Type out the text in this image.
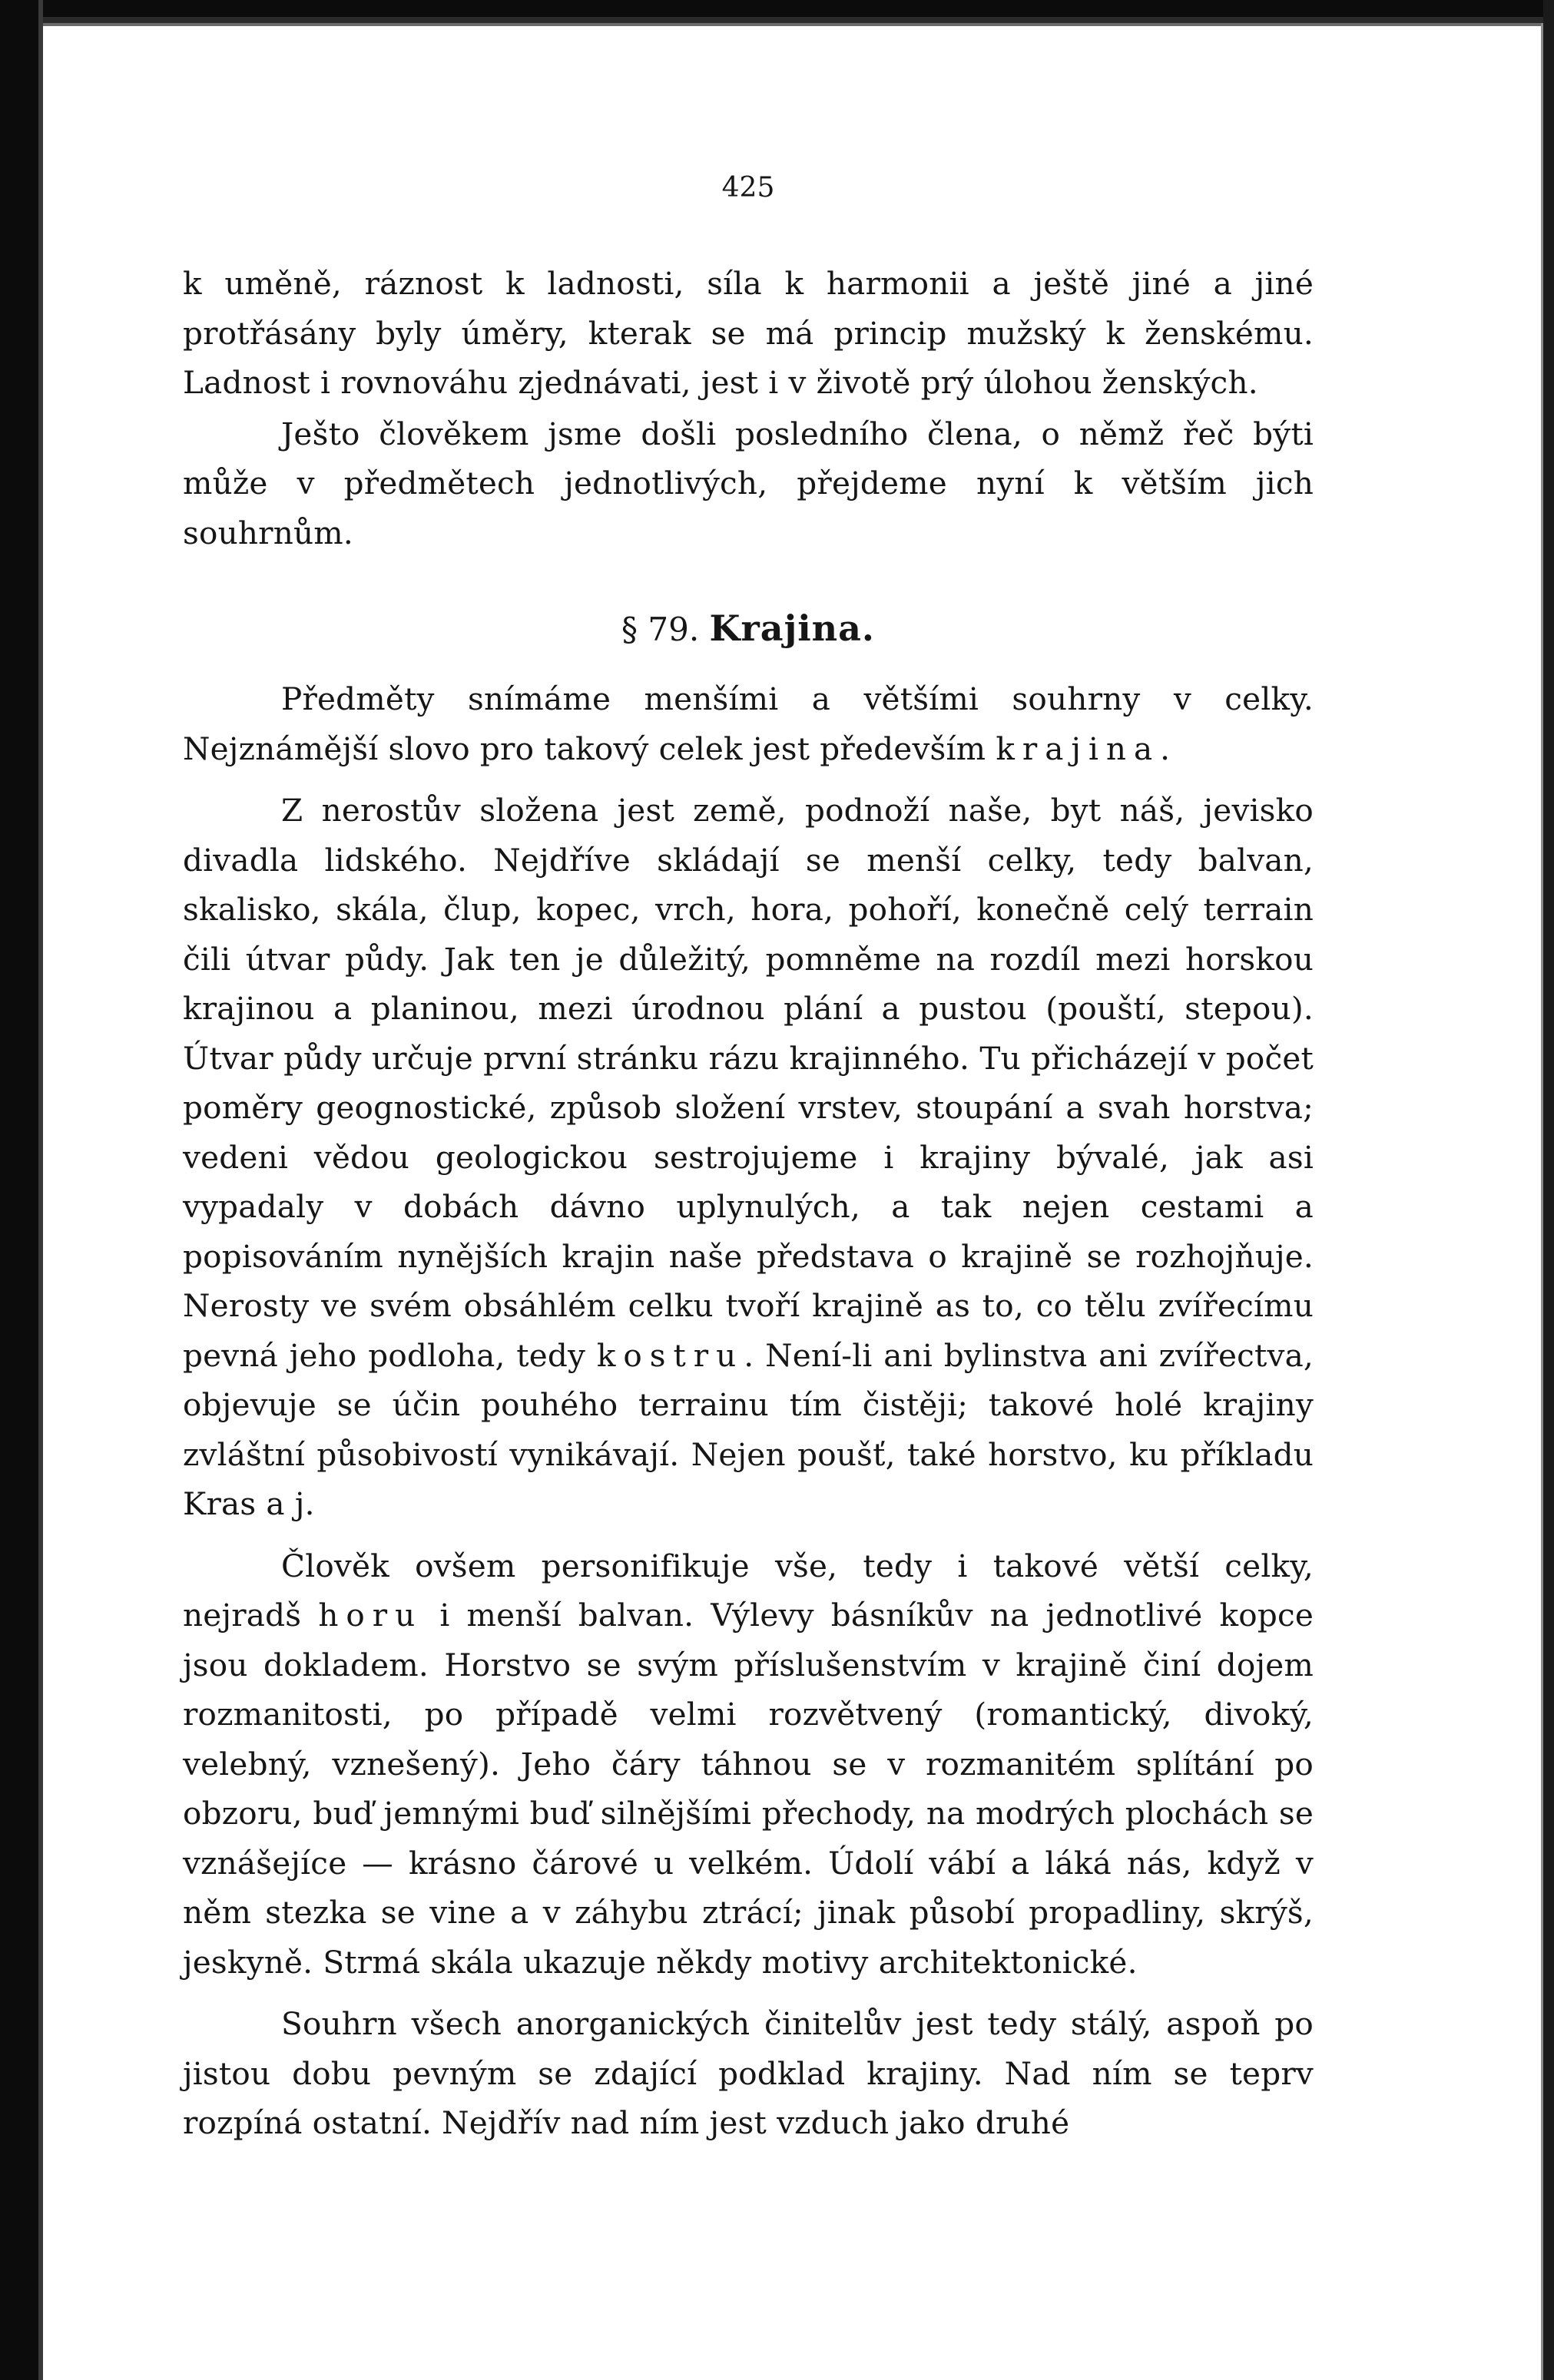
425

k uměně, ráznost k ladnosti, síla k harmonii a ještě jiné a jiné protřásány byly úměry, kterak se má princip mužský k ženskému. Ladnost i rovnováhu zjednávati, jest i v životě prý úlohou ženských.

Ješto člověkem jsme došli posledního člena, o němž řeč býti může v předmětech jednotlivých, přejdeme nyní k větším jich souhrnům.

§ 79. Krajina.

Předměty snímáme menšími a většími souhrny v celky. Nejznámější slovo pro takový celek jest především krajina.

Z nerostův složena jest země, podnoží naše, byt náš, jevisko divadla lidského. Nejdříve skládají se menší celky, tedy balvan, skalisko, skála, člup, kopec, vrch, hora, pohoří, konečně celý terrain čili útvar půdy. Jak ten je důležitý, pomněme na rozdíl mezi horskou krajinou a planinou, mezi úrodnou plání a pustou (pouští, stepou). Útvar půdy určuje první stránku rázu krajinného. Tu přicházejí v počet poměry geognostické, způsob složení vrstev, stoupání a svah horstva; vedeni vědou geologickou sestrojujeme i krajiny bývalé, jak asi vypadaly v dobách dávno uplynulých, a tak nejen cestami a popisováním nynějších krajin naše představa o krajině se rozhojňuje. Nerosty ve svém obsáhlém celku tvoří krajině as to, co tělu zvířecímu pevná jeho podloha, tedy kostru. Není-li ani bylinstva ani zvířectva, objevuje se účin pouhého terrainu tím čistěji; takové holé krajiny zvláštní působivostí vynikávají. Nejen poušť, také horstvo, ku příkladu Kras a j.

Člověk ovšem personifikuje vše, tedy i takové větší celky, nejradš horu i menší balvan. Výlevy básníkův na jednotlivé kopce jsou dokladem. Horstvo se svým příslušenstvím v krajině činí dojem rozmanitosti, po případě velmi rozvětvený (romantický, divoký, velebný, vznešený). Jeho čáry táhnou se v rozmanitém splítání po obzoru, buď jemnými buď silnějšími přechody, na modrých plochách se vznášejíce — krásno čárové u velkém. Údolí vábí a láká nás, když v něm stezka se vine a v záhybu ztrácí; jinak působí propadliny, skrýš, jeskyně. Strmá skála ukazuje někdy motivy architektonické.

Souhrn všech anorganických činitelův jest tedy stálý, aspoň po jistou dobu pevným se zdající podklad krajiny. Nad ním se teprv rozpíná ostatní. Nejdřív nad ním jest vzduch jako druhé
